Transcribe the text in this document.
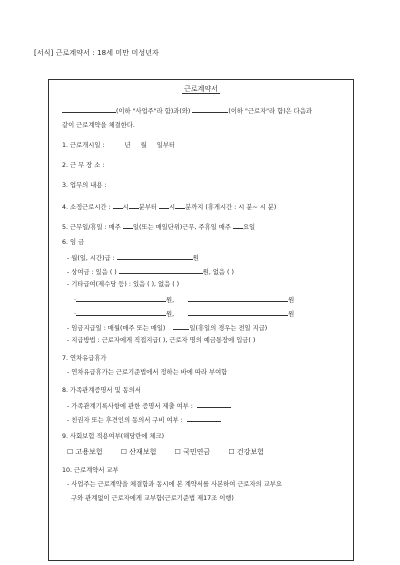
[서식] 근로계약서 : 18세 미만 미성년자
근로계약서
(이하 "사업주"라 함)과(와)	(이하 "근로자"라 함)은 다음과
같이 근로계약을 체결한다.
1. 근로개시일 :	년 월 일부터
2. 근 무 장 소 :
3. 업무의 내용 :
4. 소정근로시간 : 시 분부터 시 분까지 (휴게시간 : 시 분~ 시 분)
5. 근무일/휴일 : 매주 일(또는 매일단위)근무, 주휴일 매주 요일
6. 임 금
- 월(일, 시간)급 :	원
- 상여금 : 있음 ( )	원, 없음 ( )
- 기타급여(제수당 등) : 있음 ( ), 없음 ( )
·	원,	원
·	원,	원
- 임금지급일 : 매월(매주 또는 매일)	일(휴일의 경우는 전일 지급)
- 지급방법 : 근로자에게 직접지급( ), 근로자 명의 예금통장에 입금( )
7. 연차유급휴가
- 연차유급휴가는 근로기준법에서 정하는 바에 따라 부여함
8. 가족관계증명서 및 동의서
- 가족관계기록사항에 관한 증명서 제출 여부 :
- 친권자 또는 후견인의 동의서 구비 여부 :
9. 사회보험 적용여부(해당란에 체크)
☐ 고용보험	☐ 산재보험	☐ 국민연금	☐ 건강보험
10. 근로계약서 교부
- 사업주는 근로계약을 체결함과 동시에 본 계약서를 사본하여 근로자의 교부요
구와 관계없이 근로자에게 교부함(근로기준법 제17조 이행)
